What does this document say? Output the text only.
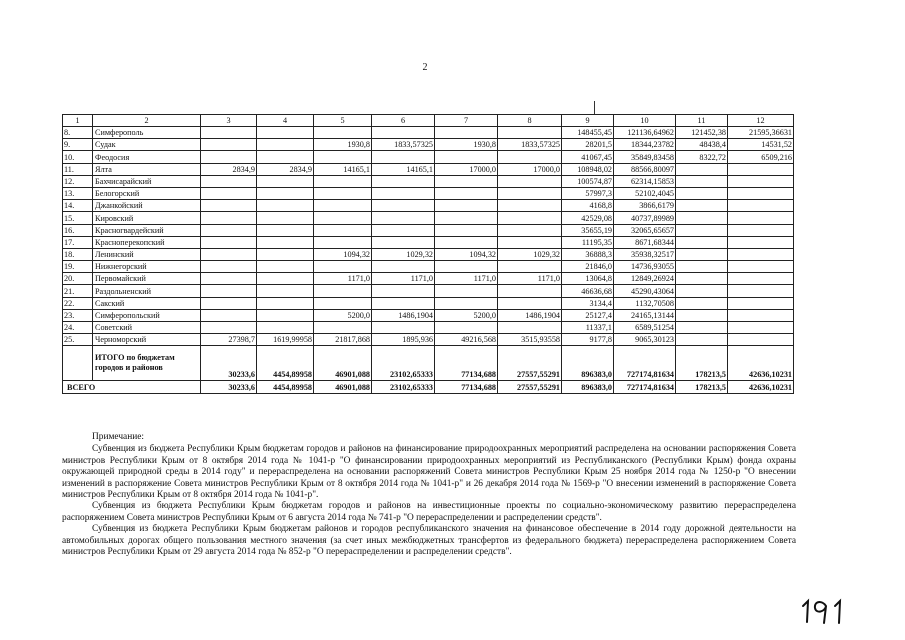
2
1	2	3	4	5	6	7	8	9	10	11	12
8.	Симферополь							148455,45	121136,64962	121452,38	21595,36631
9.	Судак			1930,8	1833,57325	1930,8	1833,57325	28201,5	18344,23782	48438,4	14531,52
10.	Феодосия							41067,45	35849,83458	8322,72	6509,216
11.	Ялта	2834,9	2834,9	14165,1	14165,1	17000,0	17000,0	108948,02	88566,80097		
12.	Бахчисарайский							100574,87	62314,15853		
13.	Белогорский							57997,3	52102,4045		
14.	Джанкойский							4168,8	3866,6179		
15.	Кировский							42529,08	40737,89989		
16.	Красногвардейский							35655,19	32065,65657		
17.	Красноперекопский							11195,35	8671,68344		
18.	Ленинский			1094,32	1029,32	1094,32	1029,32	36888,3	35938,32517		
19.	Нижнегорский							21846,0	14736,93055		
20.	Первомайский			1171,0	1171,0	1171,0	1171,0	13064,8	12849,26924		
21.	Раздольненский							46636,68	45290,43064		
22.	Сакский							3134,4	1132,70508		
23.	Симферопольский			5200,0	1486,1904	5200,0	1486,1904	25127,4	24165,13144		
24.	Советский							11337,1	6589,51254		
25.	Черноморский	27398,7	1619,99958	21817,868	1895,936	49216,568	3515,93558	9177,8	9065,30123		
	ИТОГО по бюджетам городов и районов	30233,6	4454,89958	46901,088	23102,65333	77134,688	27557,55291	896383,0	727174,81634	178213,5	42636,10231
ВСЕГО		30233,6	4454,89958	46901,088	23102,65333	77134,688	27557,55291	896383,0	727174,81634	178213,5	42636,10231
Примечание:

Субвенция из бюджета Республики Крым бюджетам городов и районов на финансирование природоохранных мероприятий распределена на основании распоряжения Совета министров Республики Крым от 8 октября 2014 года № 1041-р "О финансировании природоохранных мероприятий из Республиканского (Республики Крым) фонда охраны окружающей природной среды в 2014 году" и перераспределена на основании распоряжений Совета министров Республики Крым 25 ноября 2014 года № 1250-р "О внесении изменений в распоряжение Совета министров Республики Крым от 8 октября 2014 года № 1041-р" и 26 декабря 2014 года № 1569-р "О внесении изменений в распоряжение Совета министров Республики Крым от 8 октября 2014 года № 1041-р".

Субвенция из бюджета Республики Крым бюджетам городов и районов на инвестиционные проекты по социально-экономическому развитию перераспределена распоряжением Совета министров Республики Крым от 6 августа 2014 года № 741-р "О перераспределении и распределении средств".

Субвенция из бюджета Республики Крым бюджетам районов и городов республиканского значения на финансовое обеспечение в 2014 году дорожной деятельности на автомобильных дорогах общего пользования местного значения (за счет иных межбюджетных трансфертов из федерального бюджета) перераспределена распоряжением Совета министров Республики Крым от 29 августа 2014 года № 852-р "О перераспределении и распределении средств".
